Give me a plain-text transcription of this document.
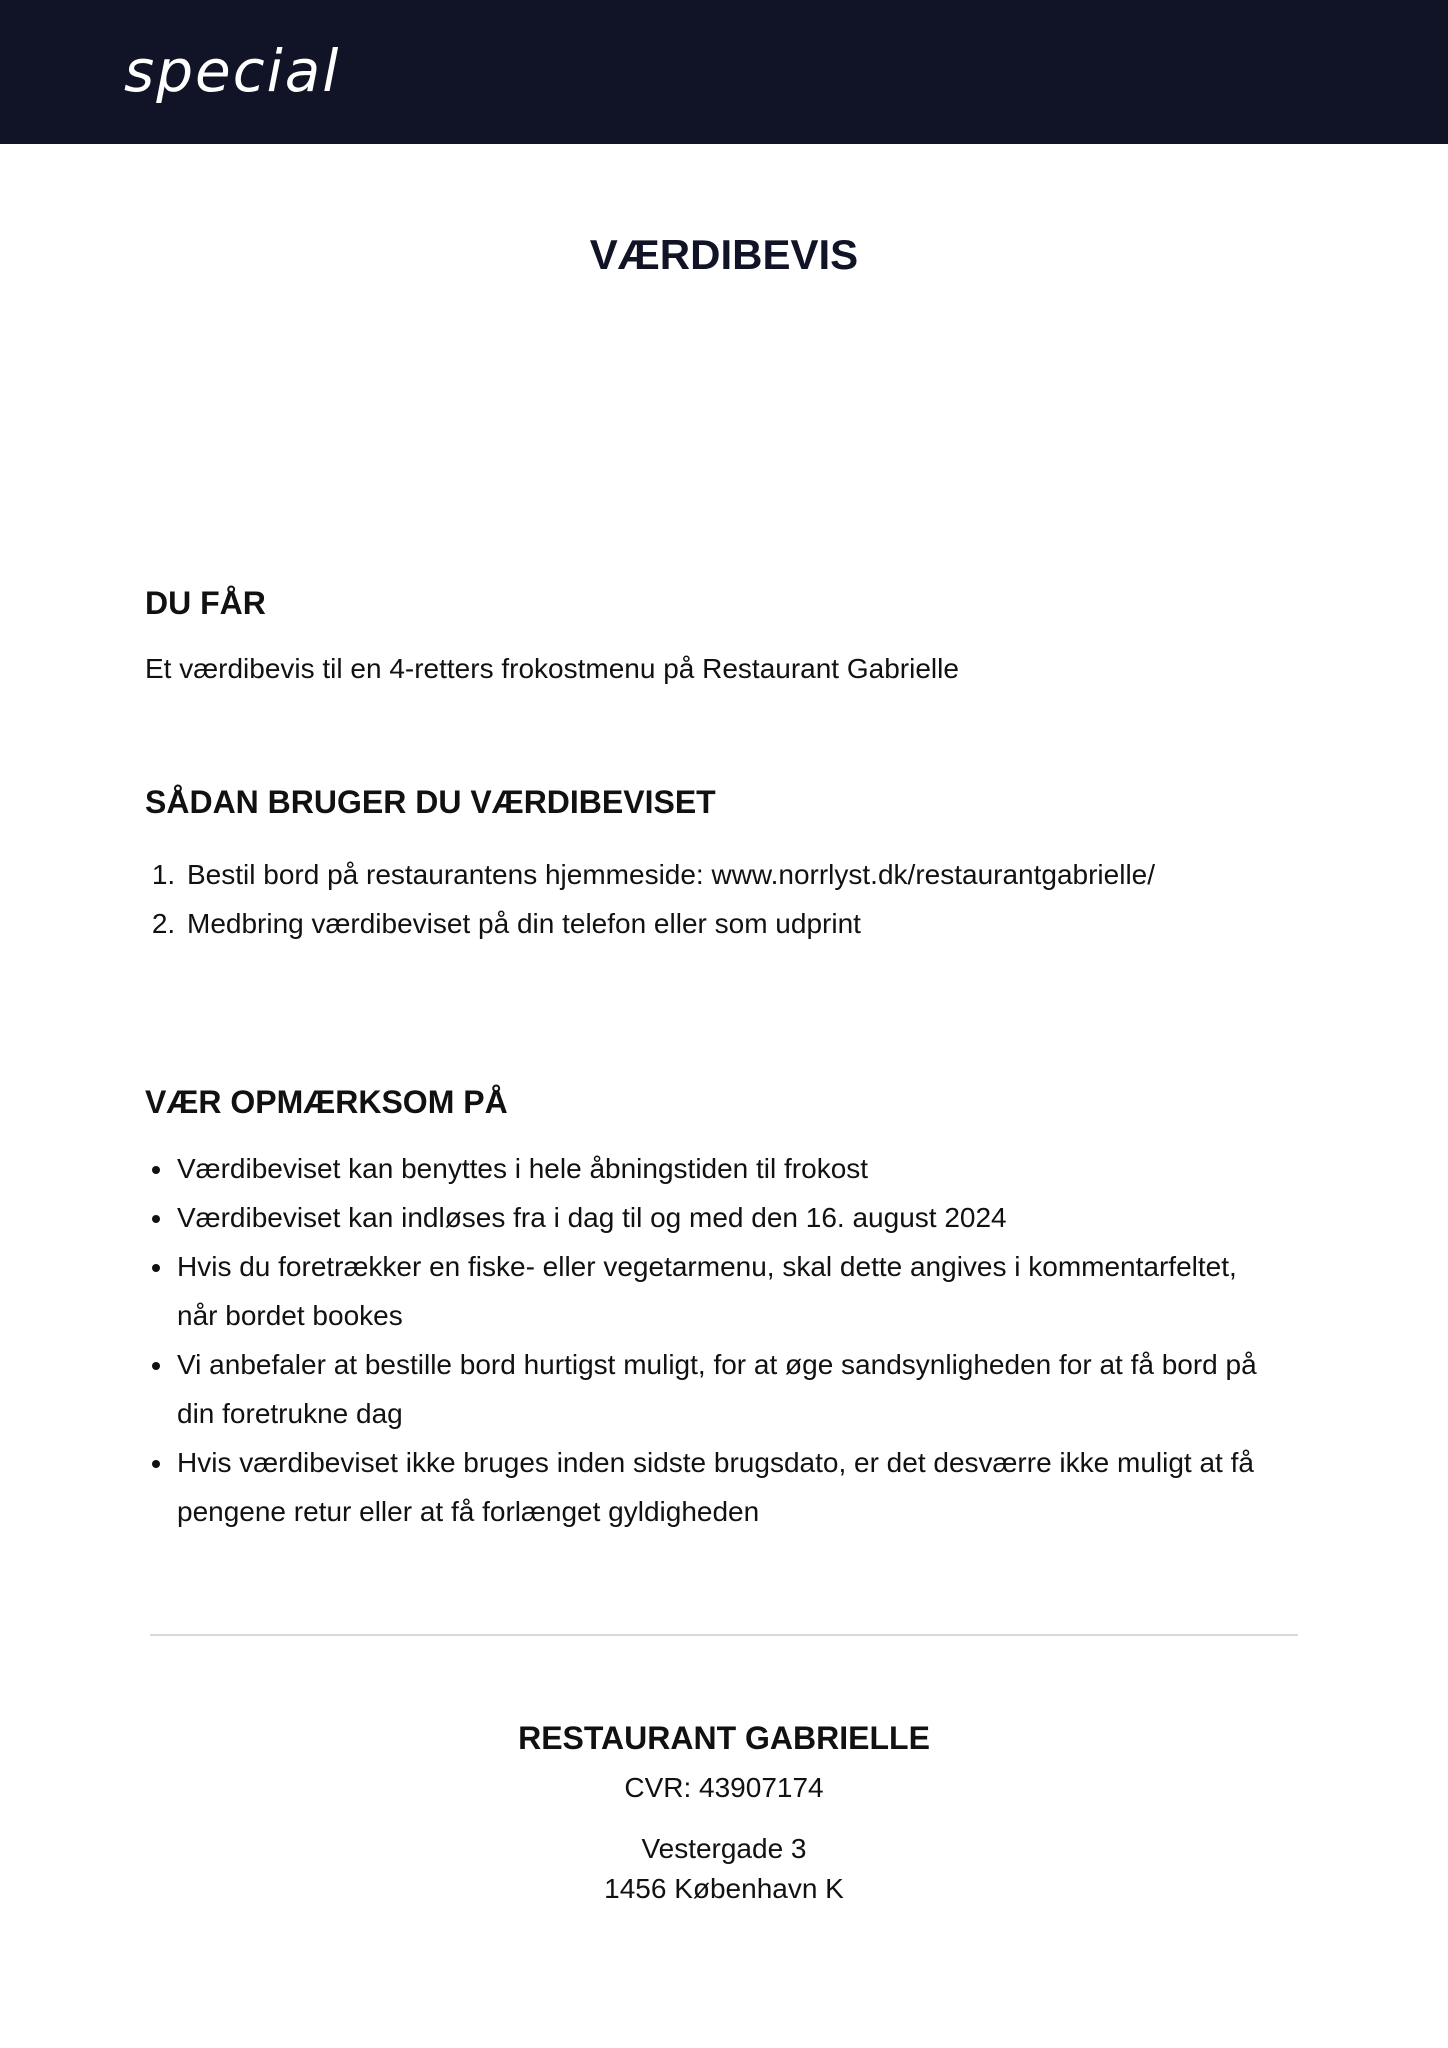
special
VÆRDIBEVIS
DU FÅR
Et værdibevis til en 4-retters frokostmenu på Restaurant Gabrielle
SÅDAN BRUGER DU VÆRDIBEVISET
1. Bestil bord på restaurantens hjemmeside: www.norrlyst.dk/restaurantgabrielle/
2. Medbring værdibeviset på din telefon eller som udprint
VÆR OPMÆRKSOM PÅ
• Værdibeviset kan benyttes i hele åbningstiden til frokost
• Værdibeviset kan indløses fra i dag til og med den 16. august 2024
• Hvis du foretrækker en fiske- eller vegetarmenu, skal dette angives i kommentarfeltet, når bordet bookes
• Vi anbefaler at bestille bord hurtigst muligt, for at øge sandsynligheden for at få bord på din foretrukne dag
• Hvis værdibeviset ikke bruges inden sidste brugsdato, er det desværre ikke muligt at få pengene retur eller at få forlænget gyldigheden
RESTAURANT GABRIELLE
CVR: 43907174
Vestergade 3
1456 København K
